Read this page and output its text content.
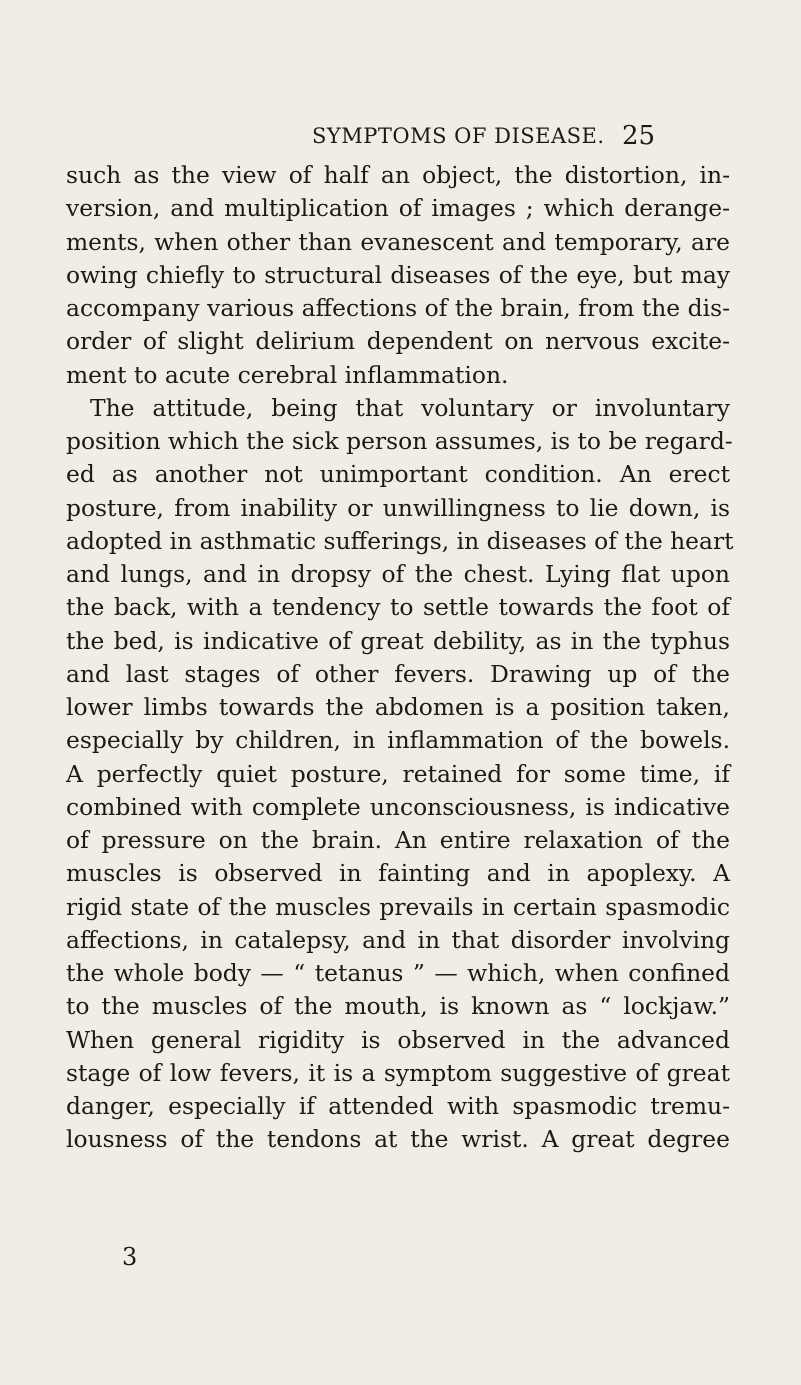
SYMPTOMS OF DISEASE. 25
such as the view of half an object, the distortion, in-
version, and multiplication of images ; which derange-
ments, when other than evanescent and temporary, are
owing chiefly to structural diseases of the eye, but may
accompany various affections of the brain, from the dis-
order of slight delirium dependent on nervous excite-
ment to acute cerebral inflammation.
The attitude, being that voluntary or involuntary
position which the sick person assumes, is to be regard-
ed as another not unimportant condition. An erect
posture, from inability or unwillingness to lie down, is
adopted in asthmatic sufferings, in diseases of the heart
and lungs, and in dropsy of the chest. Lying flat upon
the back, with a tendency to settle towards the foot of
the bed, is indicative of great debility, as in the typhus
and last stages of other fevers. Drawing up of the
lower limbs towards the abdomen is a position taken,
especially by children, in inflammation of the bowels.
A perfectly quiet posture, retained for some time, if
combined with complete unconsciousness, is indicative
of pressure on the brain. An entire relaxation of the
muscles is observed in fainting and in apoplexy. A
rigid state of the muscles prevails in certain spasmodic
affections, in catalepsy, and in that disorder involving
the whole body — “ tetanus ” — which, when confined
to the muscles of the mouth, is known as “ lockjaw.”
When general rigidity is observed in the advanced
stage of low fevers, it is a symptom suggestive of great
danger, especially if attended with spasmodic tremu-
lousness of the tendons at the wrist. A great degree
3
